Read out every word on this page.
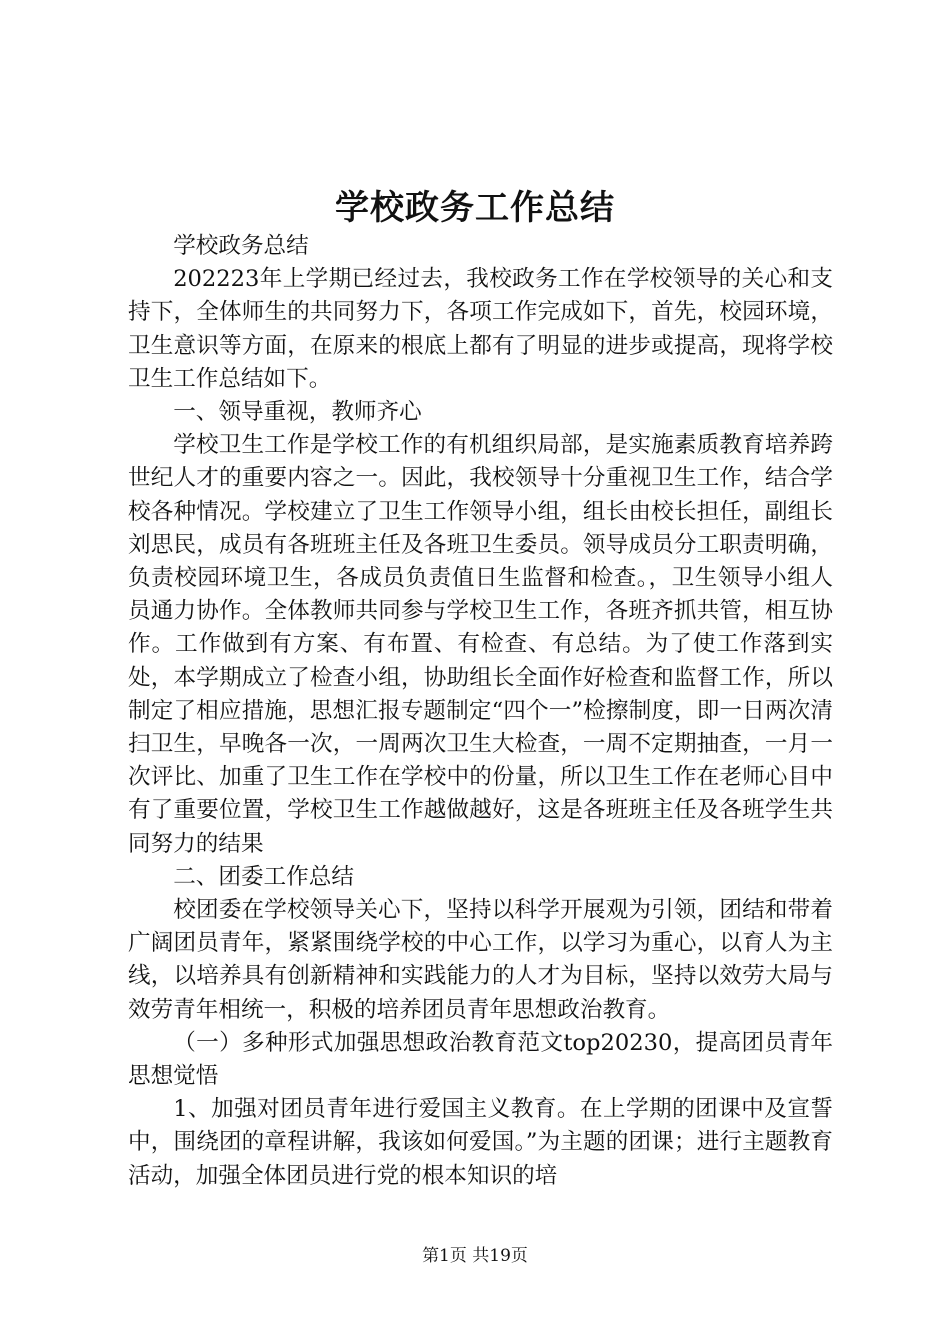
学校政务工作总结

学校政务总结

202223年上学期已经过去，我校政务工作在学校领导的关心和支持下，全体师生的共同努力下，各项工作完成如下，首先，校园环境，卫生意识等方面，在原来的根底上都有了明显的进步或提高，现将学校卫生工作总结如下。

一、领导重视，教师齐心

学校卫生工作是学校工作的有机组织局部，是实施素质教育培养跨世纪人才的重要内容之一。因此，我校领导十分重视卫生工作，结合学校各种情况。学校建立了卫生工作领导小组，组长由校长担任，副组长刘思民，成员有各班班主任及各班卫生委员。领导成员分工职责明确，负责校园环境卫生，各成员负责值日生监督和检查。，卫生领导小组人员通力协作。全体教师共同参与学校卫生工作，各班齐抓共管，相互协作。工作做到有方案、有布置、有检查、有总结。为了使工作落到实处，本学期成立了检查小组，协助组长全面作好检查和监督工作，所以制定了相应措施，思想汇报专题制定“四个一”检擦制度，即一日两次清扫卫生，早晚各一次，一周两次卫生大检查，一周不定期抽查，一月一次评比、加重了卫生工作在学校中的份量，所以卫生工作在老师心目中有了重要位置，学校卫生工作越做越好，这是各班班主任及各班学生共同努力的结果

二、团委工作总结

校团委在学校领导关心下，坚持以科学开展观为引领，团结和带着广阔团员青年，紧紧围绕学校的中心工作，以学习为重心，以育人为主线，以培养具有创新精神和实践能力的人才为目标，坚持以效劳大局与效劳青年相统一，积极的培养团员青年思想政治教育。

（一）多种形式加强思想政治教育范文top20230，提高团员青年思想觉悟

1、加强对团员青年进行爱国主义教育。在上学期的团课中及宣誓中，围绕团的章程讲解，我该如何爱国。”为主题的团课；进行主题教育活动，加强全体团员进行党的根本知识的培

第1页 共19页
